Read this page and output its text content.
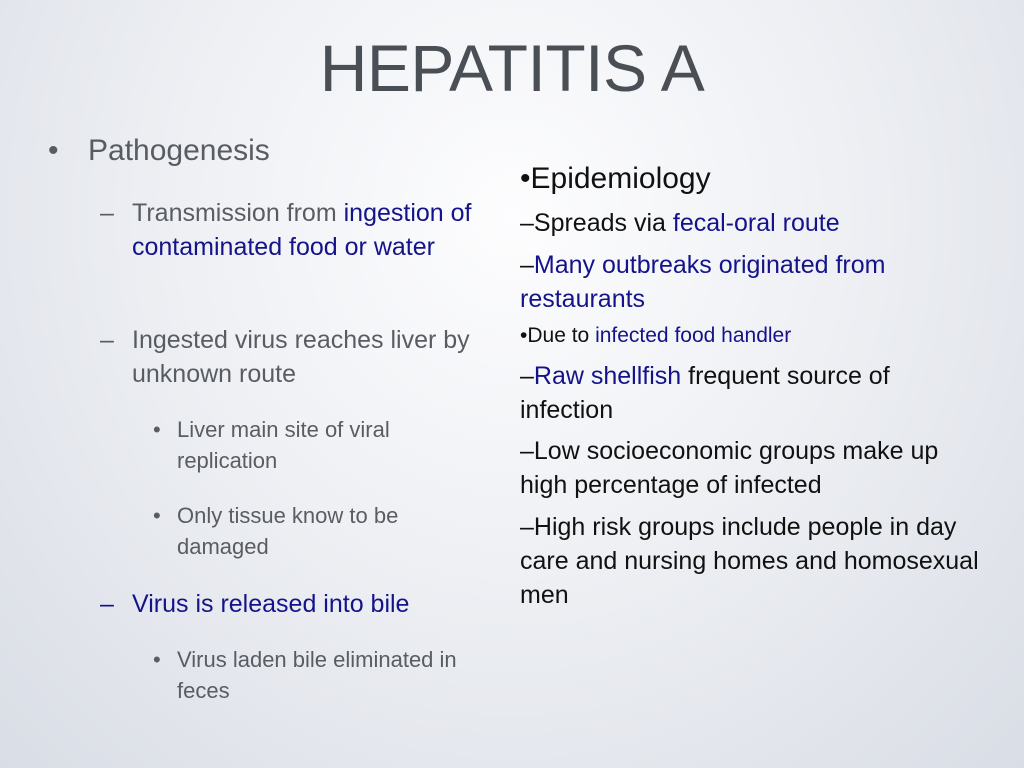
HEPATITIS A
• Pathogenesis
– Transmission from ingestion of contaminated food or water
– Ingested virus reaches liver by unknown route
• Liver main site of viral replication
• Only tissue know to be damaged
– Virus is released into bile
• Virus laden bile eliminated in feces
•Epidemiology
–Spreads via fecal-oral route
–Many outbreaks originated from restaurants
•Due to infected food handler
–Raw shellfish frequent source of infection
–Low socioeconomic groups make up high percentage of infected
–High risk groups include people in day care and nursing homes and homosexual men
